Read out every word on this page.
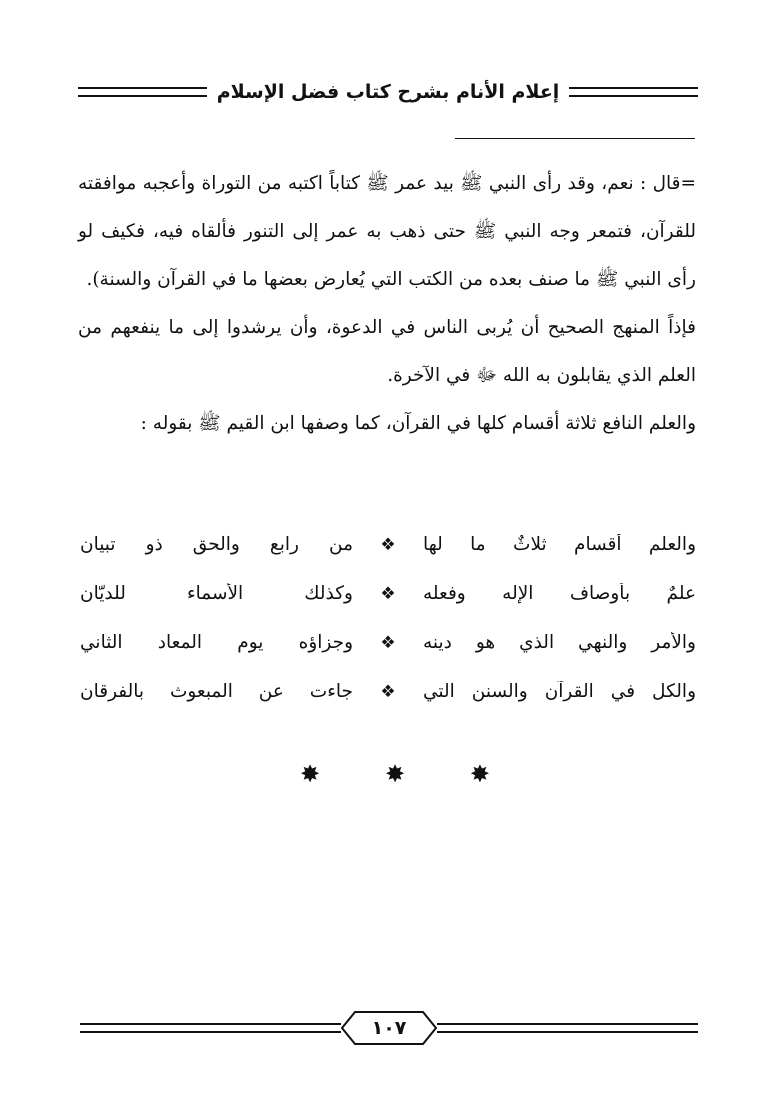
إعلام الأنام بشرح كتاب فضل الإسلام

=قال : نعم، وقد رأى النبي ﷺ بيد عمر ﷺ كتاباً اكتبه من التوراة وأعجبه موافقته للقرآن، فتمعر وجه النبي ﷺ حتى ذهب به عمر إلى التنور فألقاه فيه، فكيف لو رأى النبي ﷺ ما صنف بعده من الكتب التي يُعارض بعضها ما في القرآن والسنة).

فإذاً المنهج الصحيح أن يُربى الناس في الدعوة، وأن يرشدوا إلى ما ينفعهم من العلم الذي يقابلون به الله ﷻ في الآخرة.

والعلم النافع ثلاثة أقسام كلها في القرآن، كما وصفها ابن القيم ﷺ بقوله :

والعلم أقسام ثلاثٌ ما لها
❖
من رابع والحق ذو تبيان
علمٌ بأوصاف الإله وفعله
❖
وكذلك الأسماء للديّان
والأمر والنهي الذي هو دينه
❖
وجزاؤه يوم المعاد الثاني
والكل في القرآن والسنن التي
❖
جاءت عن المبعوث بالفرقان
✸	✸	✸
١٠٧
